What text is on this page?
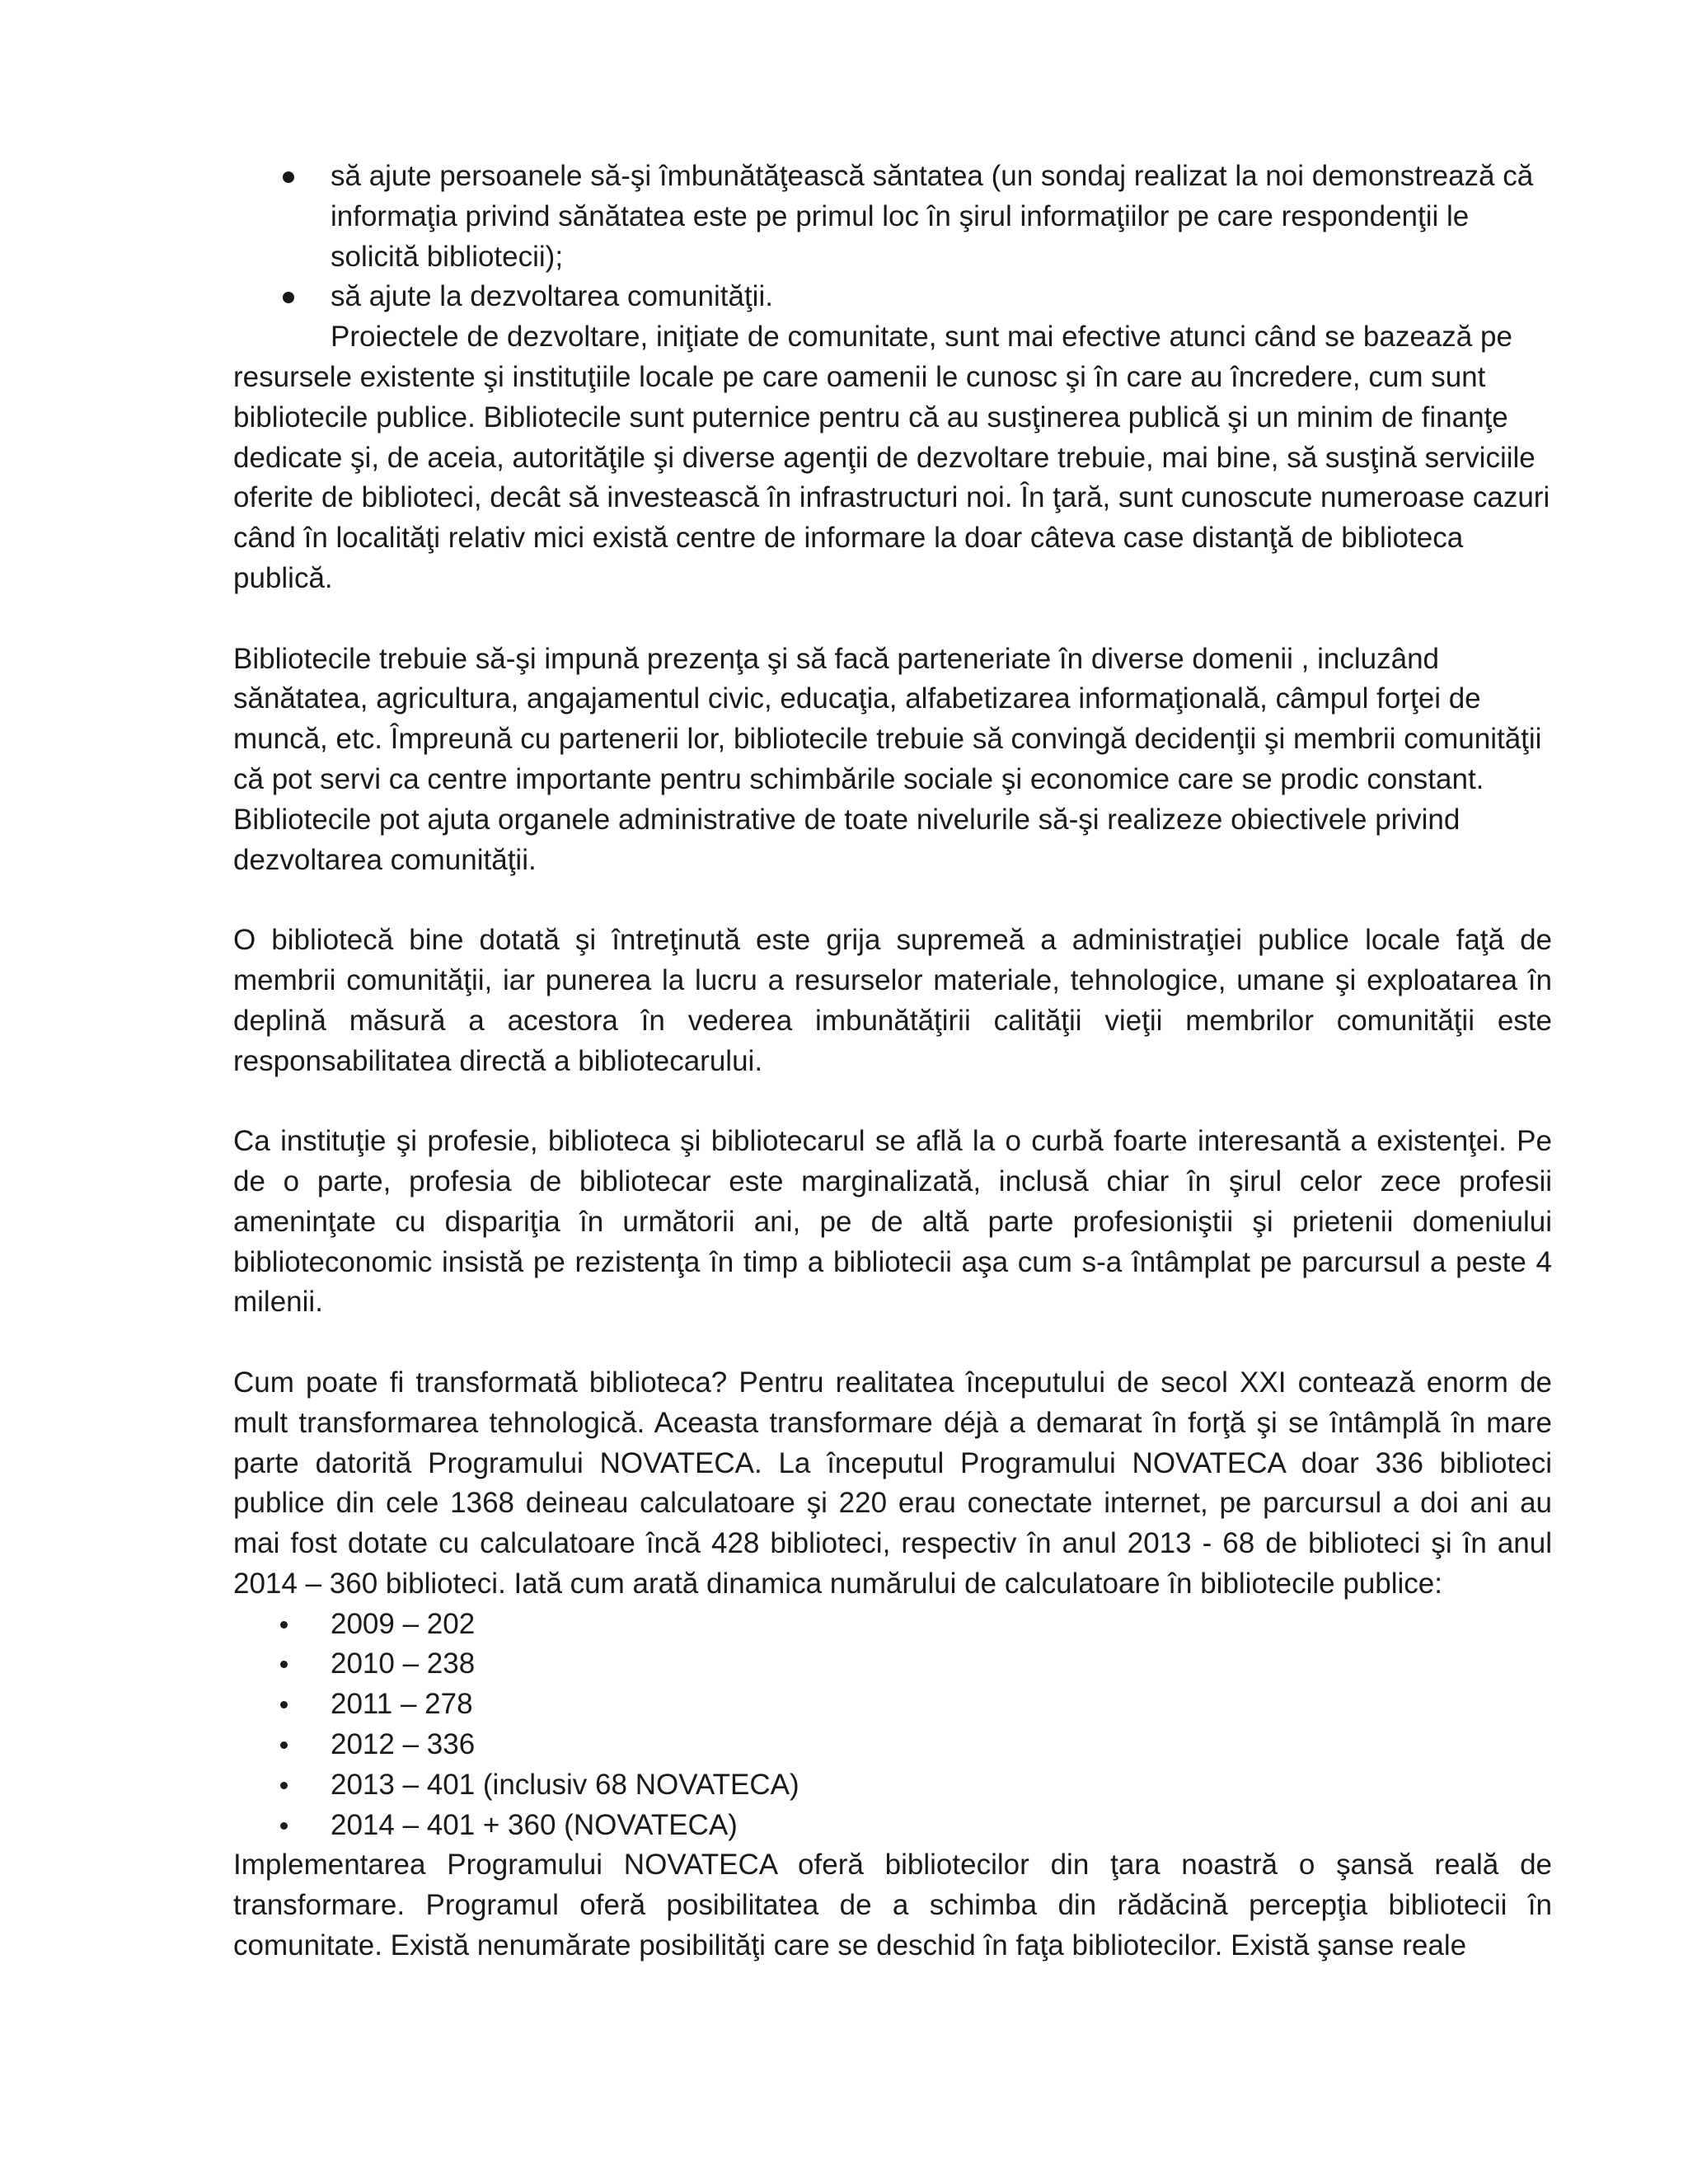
să ajute persoanele să-şi îmbunătăţească săntatea (un sondaj realizat la noi demonstrează că informaţia privind sănătatea este pe primul loc în şirul informaţiilor pe care respondenţii le solicită bibliotecii);
să ajute la dezvoltarea comunităţii.

Proiectele de dezvoltare, iniţiate de comunitate, sunt mai efective atunci când se bazează pe resursele existente şi instituţiile locale pe care oamenii le cunosc şi în care au încredere, cum sunt bibliotecile publice. Bibliotecile sunt puternice pentru că au susţinerea publică şi un minim de finanţe dedicate şi, de aceia, autorităţile şi diverse agenţii de dezvoltare trebuie, mai bine, să susţină serviciile oferite de biblioteci, decât să investească în infrastructuri noi. În ţară, sunt cunoscute numeroase cazuri când în localităţi relativ mici există centre de informare la doar câteva case distanţă de biblioteca publică.

Bibliotecile trebuie să-şi impună prezenţa şi să facă parteneriate în diverse domenii , incluzând sănătatea, agricultura, angajamentul civic, educaţia, alfabetizarea informaţională, câmpul forţei de muncă, etc. Împreună cu partenerii lor, bibliotecile trebuie să convingă decidenţii şi membrii comunităţii că pot servi ca centre importante pentru schimbările sociale şi economice care se prodic constant. Bibliotecile pot ajuta organele administrative de toate nivelurile să-şi realizeze obiectivele privind dezvoltarea comunităţii.

O bibliotecă bine dotată şi întreţinută este grija supremeă a administraţiei publice locale faţă de membrii comunităţii, iar punerea la lucru a resurselor materiale, tehnologice, umane şi exploatarea în deplină măsură a acestora în vederea imbunătăţirii calităţii vieţii membrilor comunităţii este responsabilitatea directă a bibliotecarului.

Ca instituţie şi profesie, biblioteca şi bibliotecarul se află la o curbă foarte interesantă a existenţei. Pe de o parte, profesia de bibliotecar este marginalizată, inclusă chiar în şirul celor zece profesii ameninţate cu dispariţia în următorii ani, pe de altă parte profesioniştii şi prietenii domeniului biblioteconomic insistă pe rezistenţa în timp a bibliotecii aşa cum s-a întâmplat pe parcursul a peste 4 milenii.

Cum poate fi transformată biblioteca? Pentru realitatea începutului de secol XXI contează enorm de mult transformarea tehnologică. Aceasta transformare déjà a demarat în forţă şi se întâmplă în mare parte datorită Programului NOVATECA. La începutul Programului NOVATECA doar 336 biblioteci publice din cele 1368 deineau calculatoare şi 220 erau conectate internet, pe parcursul a doi ani au mai fost dotate cu calculatoare încă 428 biblioteci, respectiv în anul 2013 - 68 de biblioteci şi în anul 2014 – 360 biblioteci. Iată cum arată dinamica numărului de calculatoare în bibliotecile publice:

2009 – 202
2010 – 238
2011 – 278
2012 – 336
2013 – 401 (inclusiv 68 NOVATECA)
2014 – 401 + 360 (NOVATECA)

Implementarea Programului NOVATECA oferă bibliotecilor din ţara noastră o şansă reală de transformare. Programul oferă posibilitatea de a schimba din rădăcină percepţia bibliotecii în comunitate. Există nenumărate posibilităţi care se deschid în faţa bibliotecilor. Există şanse reale
